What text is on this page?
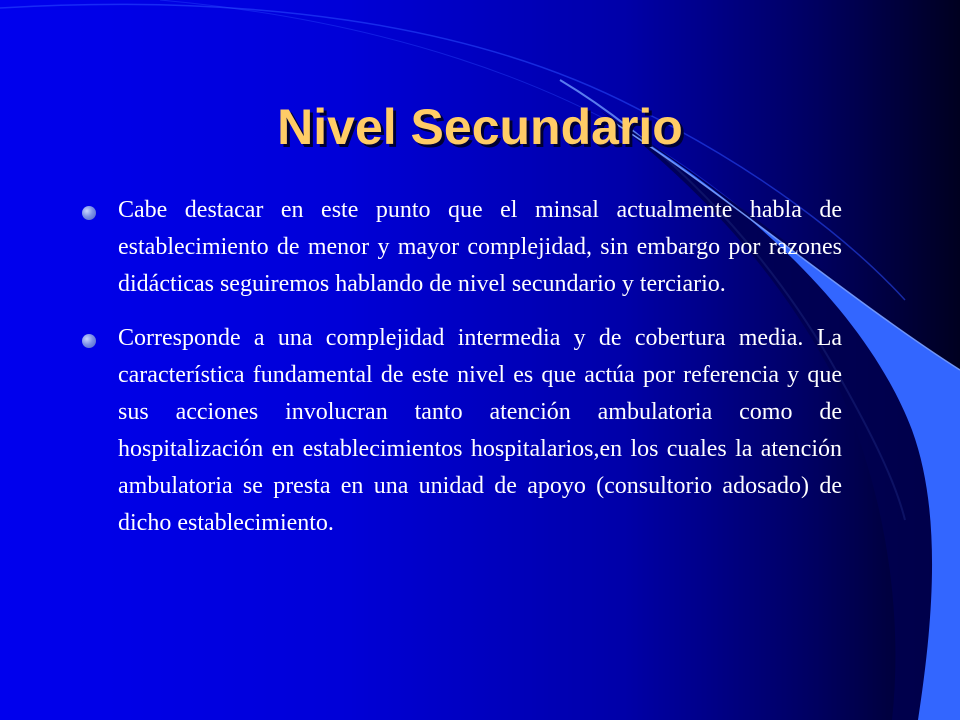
Nivel Secundario
Cabe destacar en este punto que el minsal actualmente habla de establecimiento de menor y mayor complejidad, sin embargo por razones didácticas seguiremos hablando de nivel secundario y terciario.
Corresponde a una complejidad intermedia y de cobertura media. La característica fundamental de este nivel es que actúa por referencia y que sus acciones involucran tanto atención ambulatoria como de hospitalización en establecimientos hospitalarios,en los cuales la atención ambulatoria se presta en una unidad de apoyo (consultorio adosado) de dicho establecimiento.
